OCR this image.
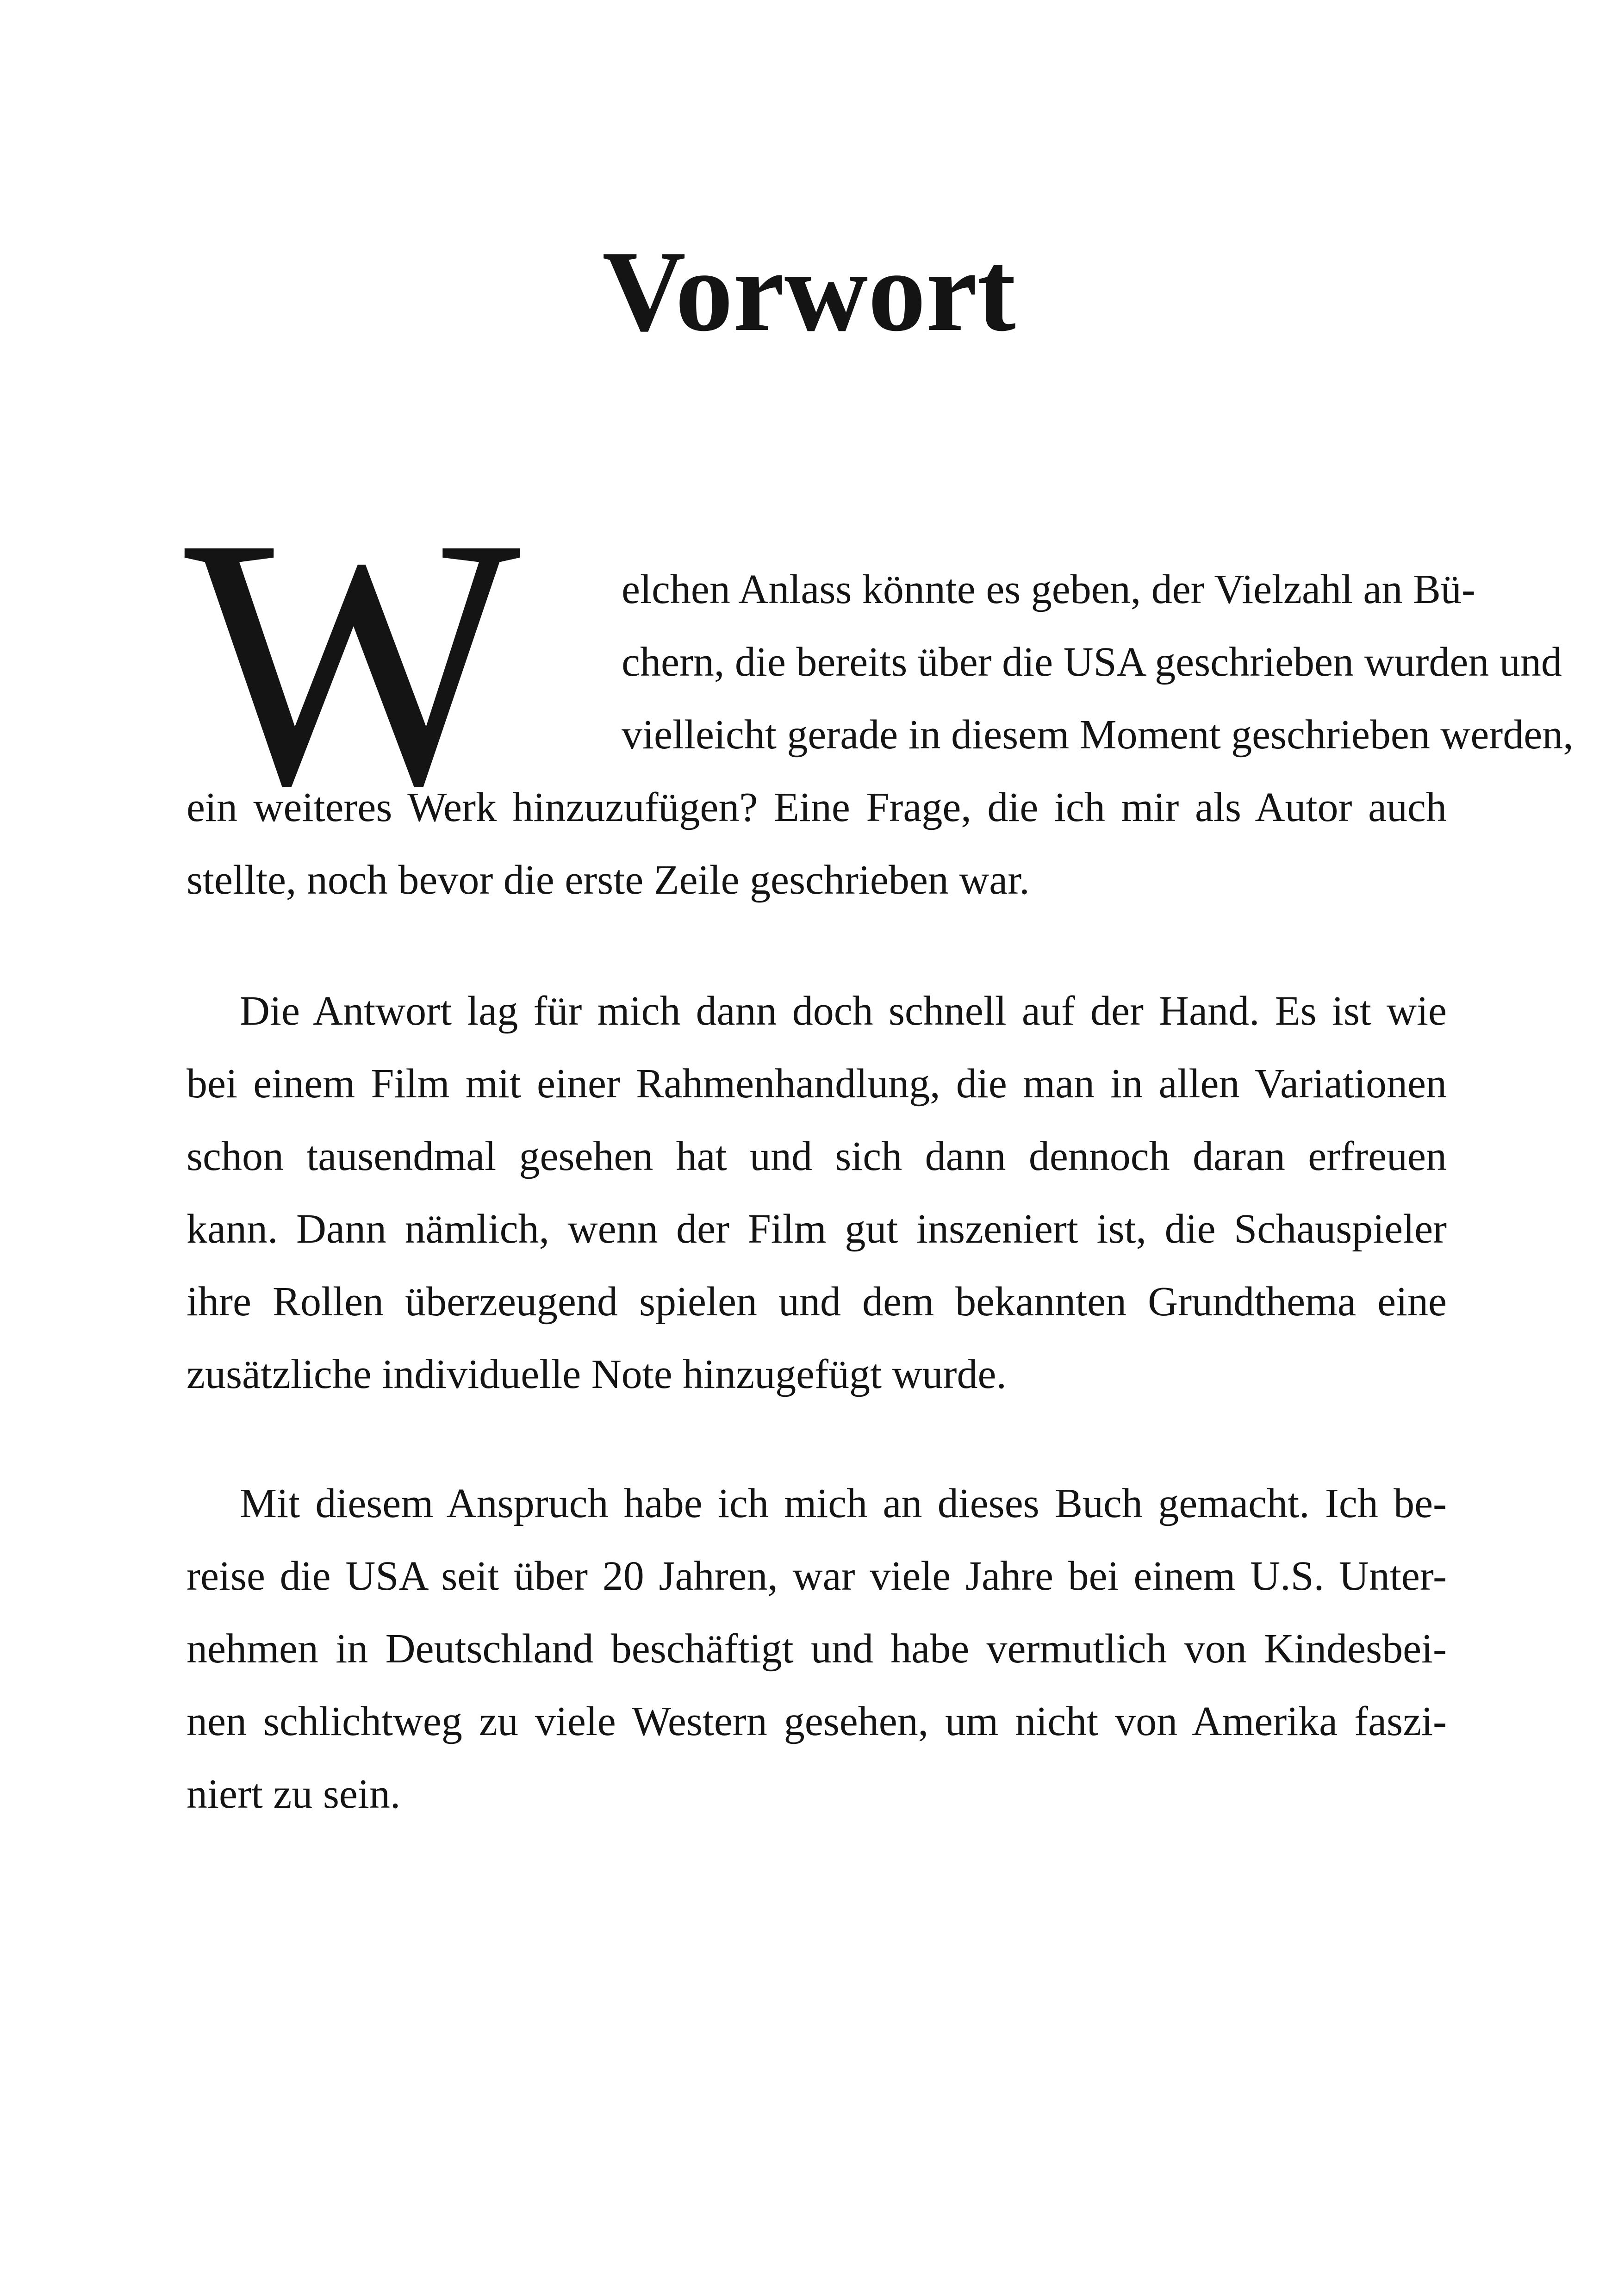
Vorwort
W	elchen Anlass könnte es geben, der Vielzahl an Bü-
chern, die bereits über die USA geschrieben wurden und
vielleicht gerade in diesem Moment geschrieben werden,
ein weiteres Werk hinzuzufügen? Eine Frage, die ich mir als Autor auch
stellte, noch bevor die erste Zeile geschrieben war.
Die Antwort lag für mich dann doch schnell auf der Hand. Es ist wie
bei einem Film mit einer Rahmenhandlung, die man in allen Variationen
schon tausendmal gesehen hat und sich dann dennoch daran erfreuen
kann. Dann nämlich, wenn der Film gut inszeniert ist, die Schauspieler
ihre Rollen überzeugend spielen und dem bekannten Grundthema eine
zusätzliche individuelle Note hinzugefügt wurde.
Mit diesem Anspruch habe ich mich an dieses Buch gemacht. Ich be-
reise die USA seit über 20 Jahren, war viele Jahre bei einem U.S. Unter-
nehmen in Deutschland beschäftigt und habe vermutlich von Kindesbei-
nen schlichtweg zu viele Western gesehen, um nicht von Amerika faszi-
niert zu sein.
